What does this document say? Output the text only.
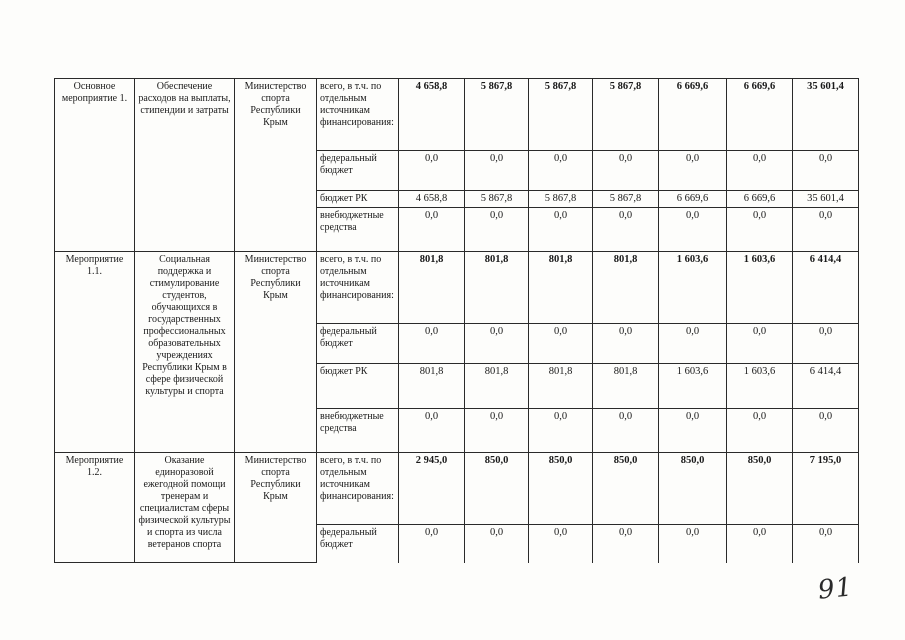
Основное мероприятие 1.	Обеспечение расходов на выплаты, стипендии и затраты	Министерство спорта Республики Крым	всего, в т.ч. по отдельным источникам финансирования:	4 658,8	5 867,8	5 867,8	5 867,8	6 669,6	6 669,6	35 601,4
			федеральный бюджет	0,0	0,0	0,0	0,0	0,0	0,0	0,0
			бюджет РК	4 658,8	5 867,8	5 867,8	5 867,8	6 669,6	6 669,6	35 601,4
			внебюджетные средства	0,0	0,0	0,0	0,0	0,0	0,0	0,0
Мероприятие 1.1.	Социальная поддержка и стимулирование студентов, обучающихся в государственных профессиональных образовательных учреждениях Республики Крым в сфере физической культуры и спорта	Министерство спорта Республики Крым	всего, в т.ч. по отдельным источникам финансирования:	801,8	801,8	801,8	801,8	1 603,6	1 603,6	6 414,4
			федеральный бюджет	0,0	0,0	0,0	0,0	0,0	0,0	0,0
			бюджет РК	801,8	801,8	801,8	801,8	1 603,6	1 603,6	6 414,4
			внебюджетные средства	0,0	0,0	0,0	0,0	0,0	0,0	0,0
Мероприятие 1.2.	Оказание единоразовой ежегодной помощи тренерам и специалистам сферы физической культуры и спорта из числа ветеранов спорта	Министерство спорта Республики Крым	всего, в т.ч. по отдельным источникам финансирования:	2 945,0	850,0	850,0	850,0	850,0	850,0	7 195,0
			федеральный бюджет	0,0	0,0	0,0	0,0	0,0	0,0	0,0
91
